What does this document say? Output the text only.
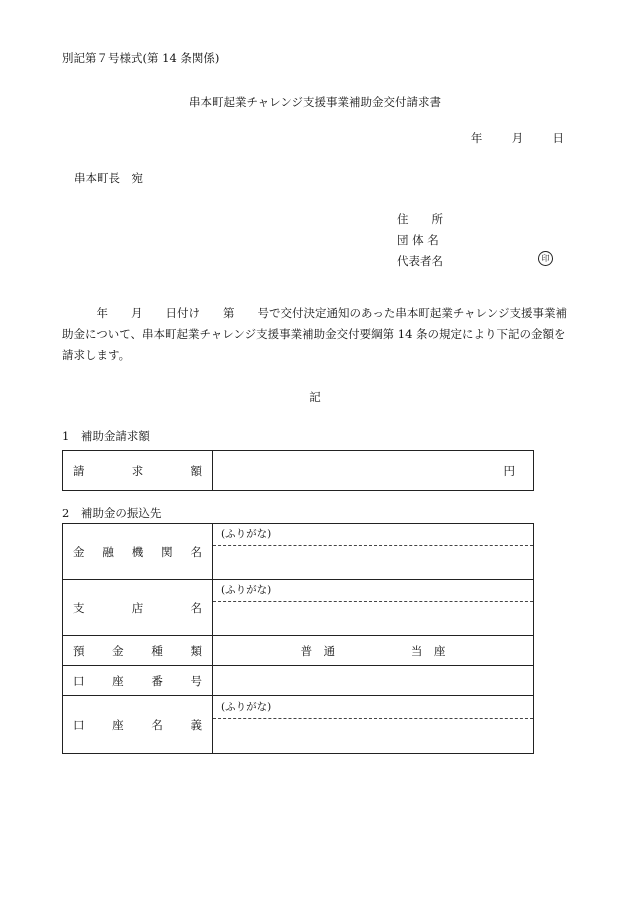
別記第７号様式(第 14 条関係)
串本町起業チャレンジ支援事業補助金交付請求書
年	月	日
串本町長　宛
住　　所
団 体 名
代表者名	印
　　　年　　月　　日付け　　第　　号で交付決定通知のあった串本町起業チャレンジ支援事業補助金について、串本町起業チャレンジ支援事業補助金交付要綱第 14 条の規定により下記の金額を請求します。
記
1　補助金請求額
請	求	額	円
2　補助金の振込先
金 融 機 関 名	(ふりがな)

支 店 名	(ふりがな)

預 金 種 類	普　通 当　座

口 座 番 号	

口 座 名 義	(ふりがな)
